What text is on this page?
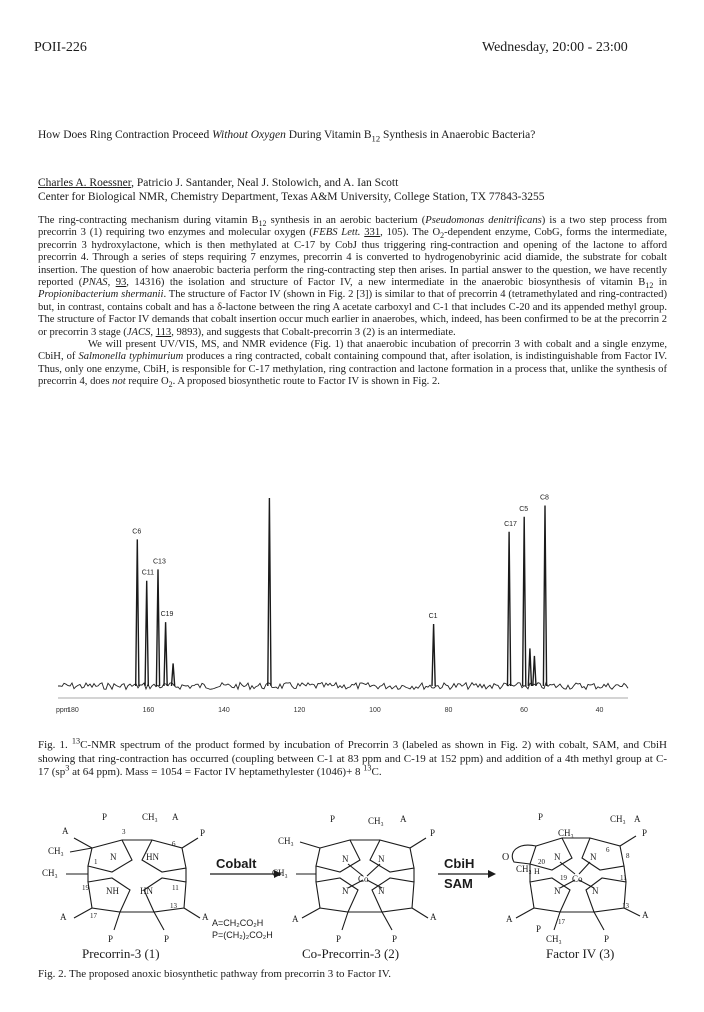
POII-226	Wednesday, 20:00 - 23:00
How Does Ring Contraction Proceed Without Oxygen During Vitamin $B_{12}$ Synthesis in Anaerobic Bacteria?
Charles A. Roessner, Patricio J. Santander, Neal J. Stolowich, and A. Ian Scott
Center for Biological NMR, Chemistry Department, Texas A&M University, College Station, TX 77843-3255

The ring-contracting mechanism during vitamin $B_{12}$ synthesis in an aerobic bacterium (Pseudomonas denitrificans) is a two step process from precorrin 3 (1) requiring two enzymes and molecular oxygen (FEBS Lett. 331, 105). The $O_2$-dependent enzyme, CobG, forms the intermediate, precorrin 3 hydroxylactone, which is then methylated at C-17 by CobJ thus triggering ring-contraction and opening of the lactone to afford precorrin 4. Through a series of steps requiring 7 enzymes, precorrin 4 is converted to hydrogenobyrinic acid diamide, the substrate for cobalt insertion. The question of how anaerobic bacteria perform the ring-contracting step then arises. In partial answer to the question, we have recently reported (PNAS, 93, 14316) the isolation and structure of Factor IV, a new intermediate in the anaerobic biosynthesis of vitamin $B_{12}$ in Propionibacterium shermanii. The structure of Factor IV (shown in Fig. 2 [3]) is similar to that of precorrin 4 (tetramethylated and ring-contracted) but, in contrast, contains cobalt and has a δ-lactone between the ring A acetate carboxyl and C-1 that includes C-20 and its appended methyl group. The structure of Factor IV demands that cobalt insertion occur much earlier in anaerobes, which, indeed, has been confirmed to be at the precorrin 2 or precorrin 3 stage (JACS, 113, 9893), and suggests that Cobalt-precorrin 3 (2) is an intermediate.

We will present UV/VIS, MS, and NMR evidence (Fig. 1) that anaerobic incubation of precorrin 3 with cobalt and a single enzyme, CbiH, of Salmonella typhimurium produces a ring contracted, cobalt containing compound that, after isolation, is indistinguishable from Factor IV. Thus, only one enzyme, CbiH, is responsible for C-17 methylation, ring contraction and lactone formation in a process that, unlike the synthesis of precorrin 4, does not require $O_2$. A proposed biosynthetic route to Factor IV is shown in Fig. 2.

C6
C11
C13
C19	C1
C17
C5
C8
ppm
180	160	140	120	100	80	60	40
Fig. 1. $^{13}$C-NMR spectrum of the product formed by incubation of Precorrin 3 (labeled as shown in Fig. 2) with cobalt, SAM, and CbiH showing that ring-contraction has occurred (coupling between C-1 at 83 ppm and C-19 at 152 ppm) and addition of a 4th methyl group at C-17 ($sp^3$ at 64 ppm). Mass = 1054 = Factor IV heptamethylester (1046)+ 8 $^{13}$C.
P	CH₃ A
A
CH₃
CH₃
A
P	P
P
A
N	HN
NH HN
3
6
1
19	11
13
17
Precorrin-3 (1)
Cobalt
A=CH₂CO₂H
P=(CH₂)₂CO₂H
P	CH₃ A
CH₃
CH₃
A
P	P
P
A
N	N
N	N
Co
Co-Precorrin-3 (2)
CbiH
SAM
P
CH₃
CH₃ A
O
CH₃ H
20
A
CH₃	P
P
P
A
N	N
N	N
Co
19	11
13
17
6
8
Factor IV (3)
Fig. 2. The proposed anoxic biosynthetic pathway from precorrin 3 to Factor IV.
